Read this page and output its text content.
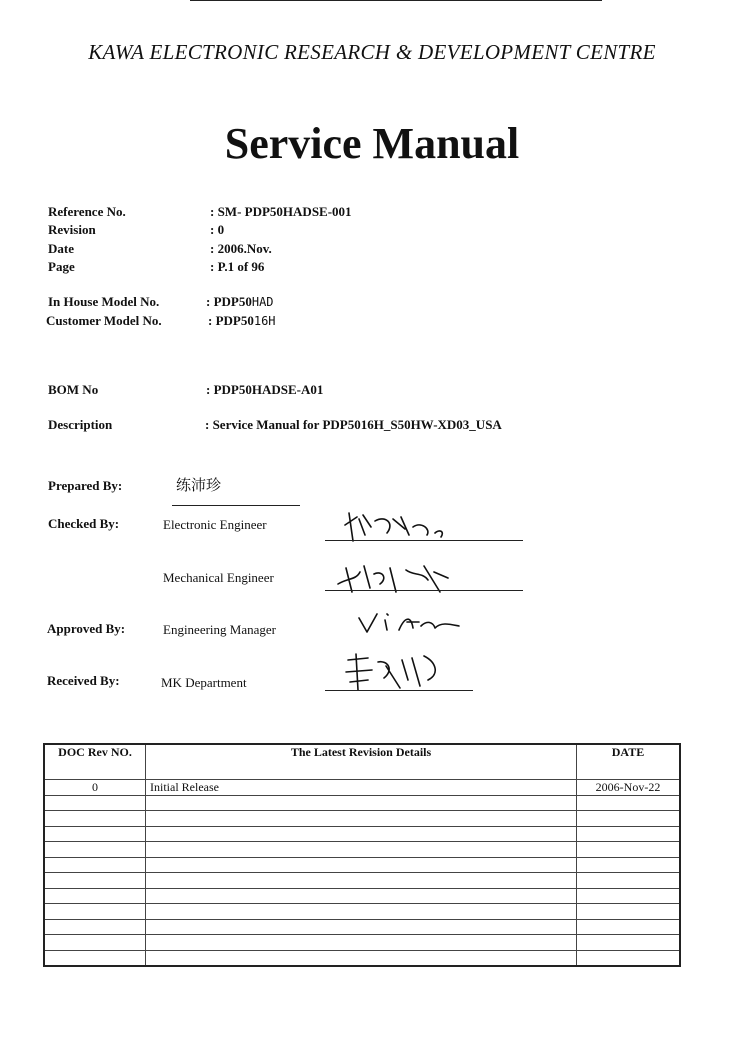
KAWA ELECTRONIC RESEARCH & DEVELOPMENT CENTRE
Service Manual
Reference No.	: SM- PDP50HADSE-001
Revision	: 0
Date	: 2006.Nov.
Page	: P.1 of 96
In House Model No.	: PDP50HAD
Customer Model No.	: PDP5016H
BOM No	: PDP50HADSE-A01
Description	: Service Manual for PDP5016H_S50HW-XD03_USA
Prepared By:	练沛珍
Checked By:	Electronic Engineer
Mechanical Engineer
Approved By:	Engineering Manager
Received By:	MK Department
DOC Rev NO.	The Latest Revision Details	DATE
0	Initial Release	2006-Nov-22
